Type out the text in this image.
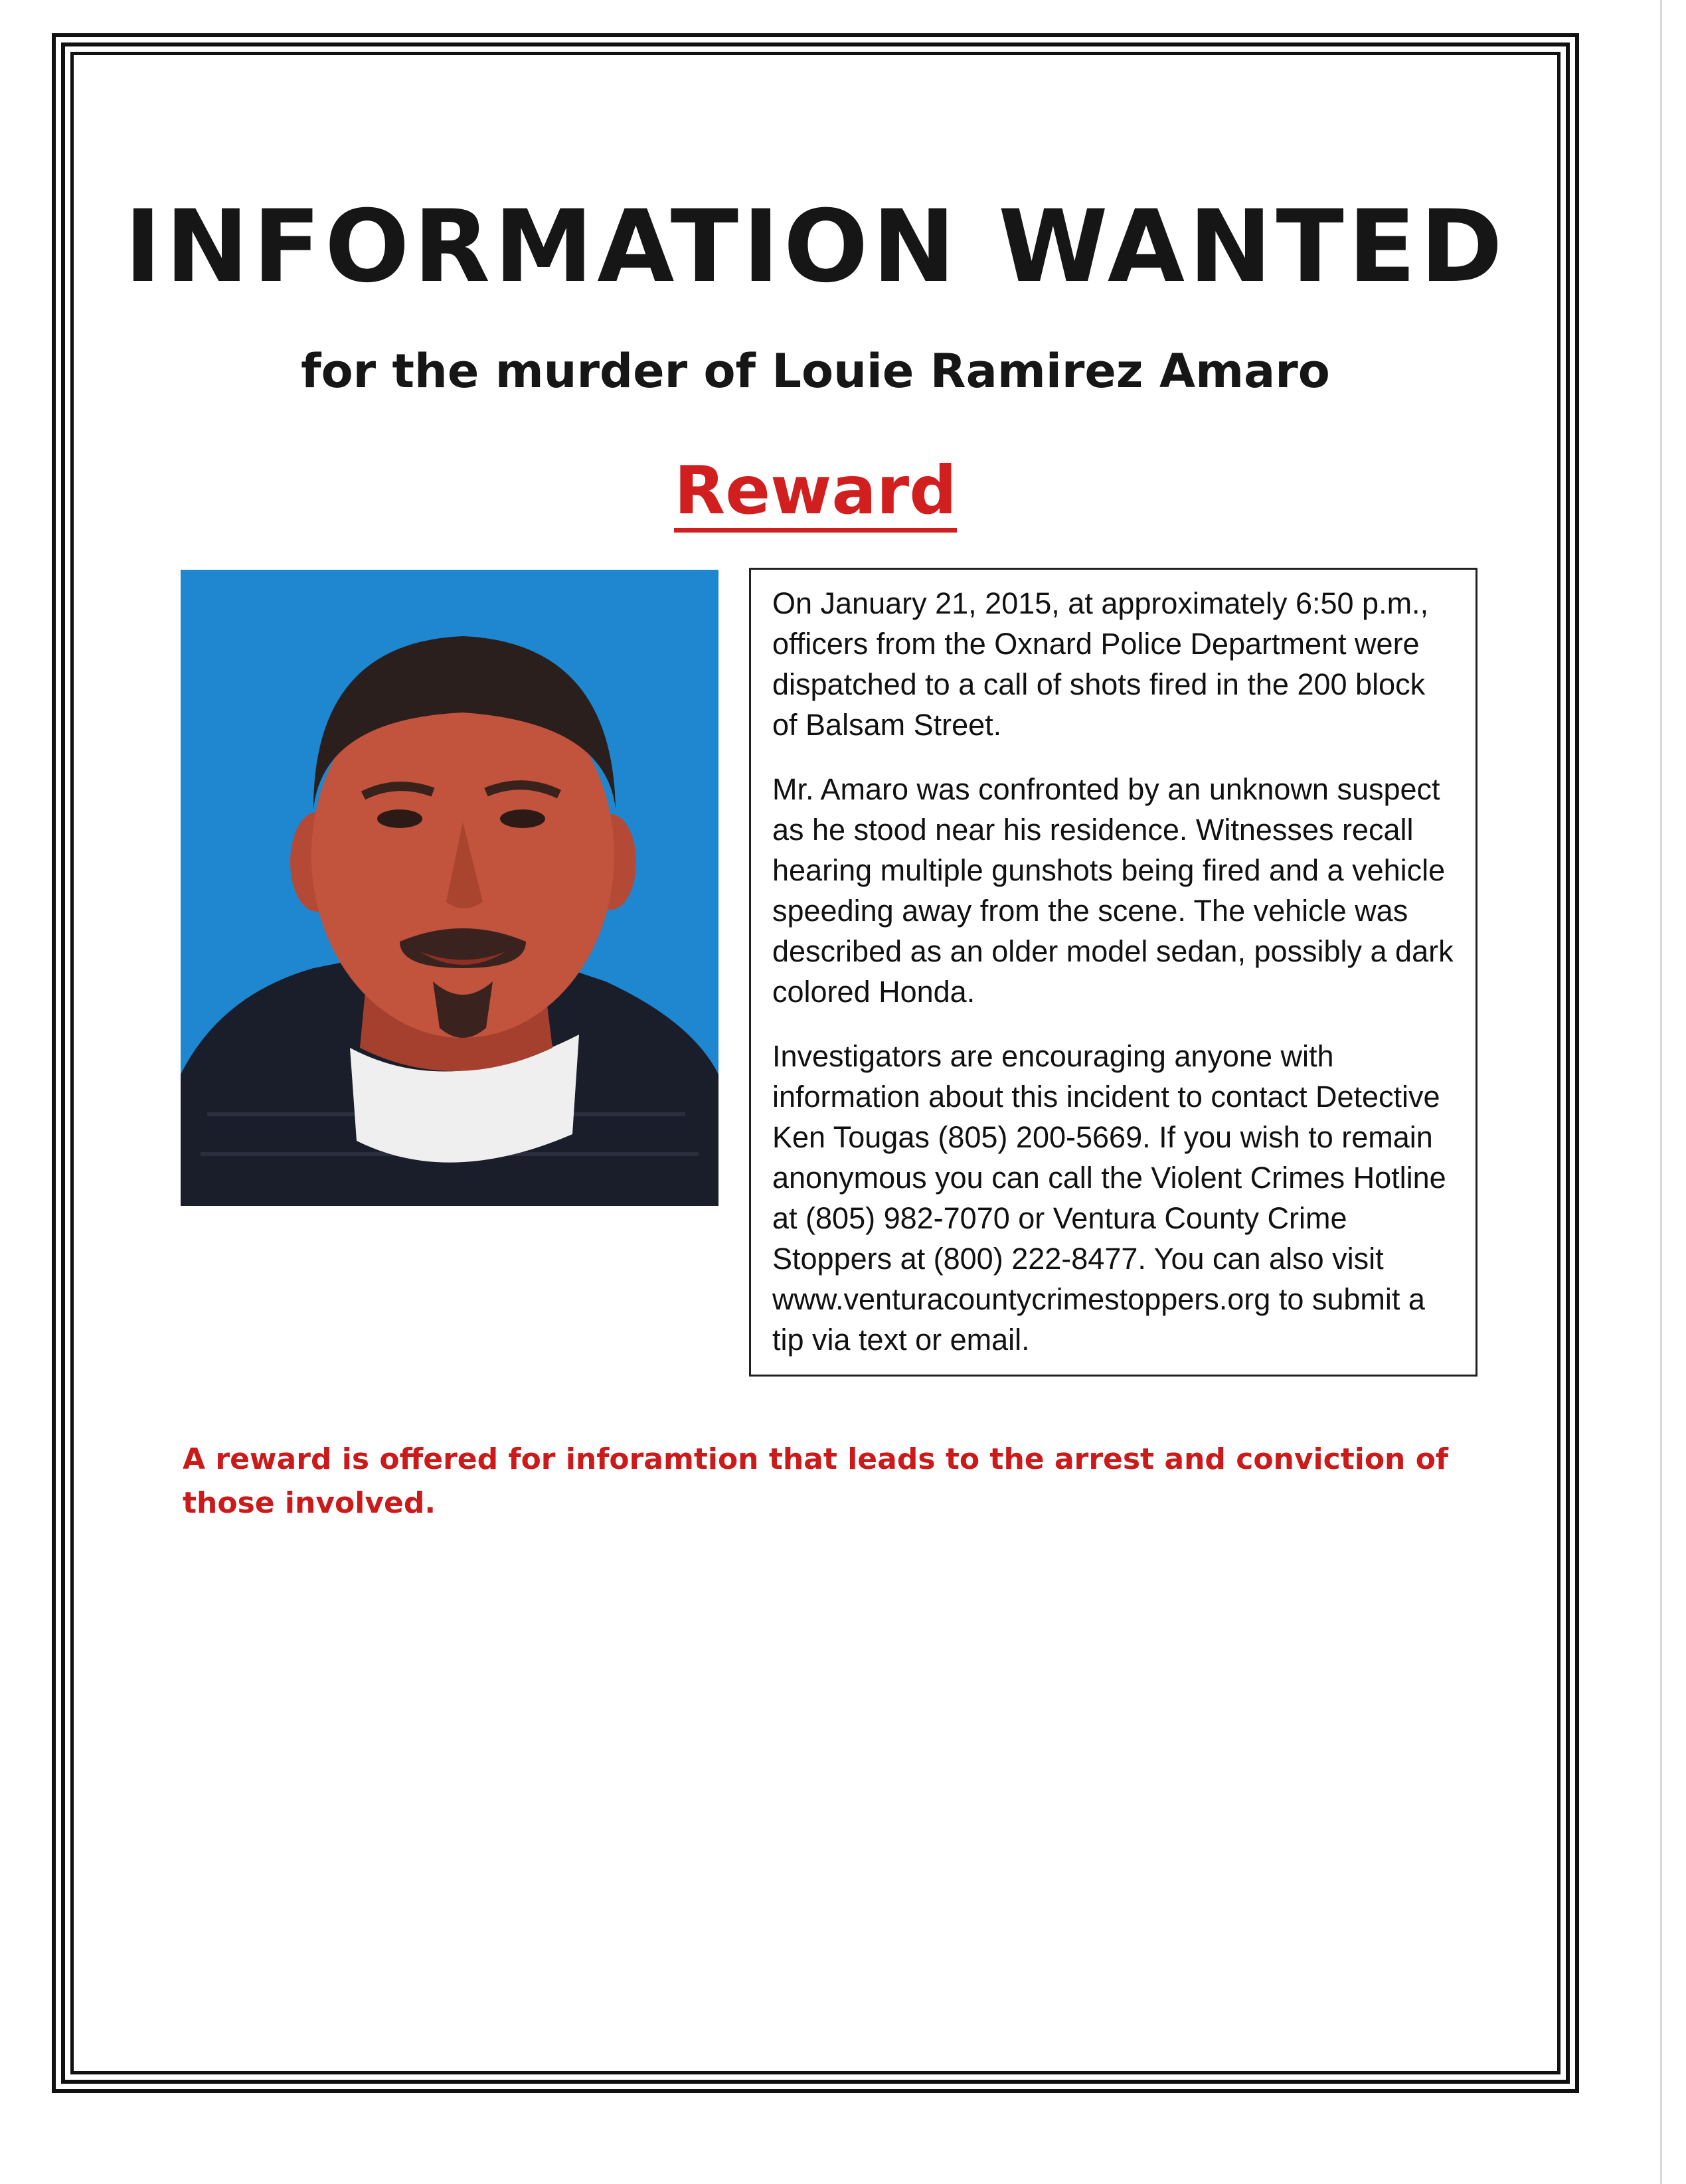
INFORMATION WANTED
for the murder of Louie Ramirez Amaro
Reward

On January 21, 2015, at approximately 6:50 p.m., officers from the Oxnard Police Department were dispatched to a call of shots fired in the 200 block of Balsam Street.

Mr. Amaro was confronted by an unknown suspect as he stood near his residence. Witnesses recall hearing multiple gunshots being fired and a vehicle speeding away from the scene. The vehicle was described as an older model sedan, possibly a dark colored Honda.

Investigators are encouraging anyone with information about this incident to contact Detective Ken Tougas (805) 200-5669. If you wish to remain anonymous you can call the Violent Crimes Hotline at (805) 982-7070 or Ventura County Crime Stoppers at (800) 222-8477. You can also visit www.venturacountycrimestoppers.org to submit a tip via text or email.

A reward is offered for inforamtion that leads to the arrest and conviction of those involved.
